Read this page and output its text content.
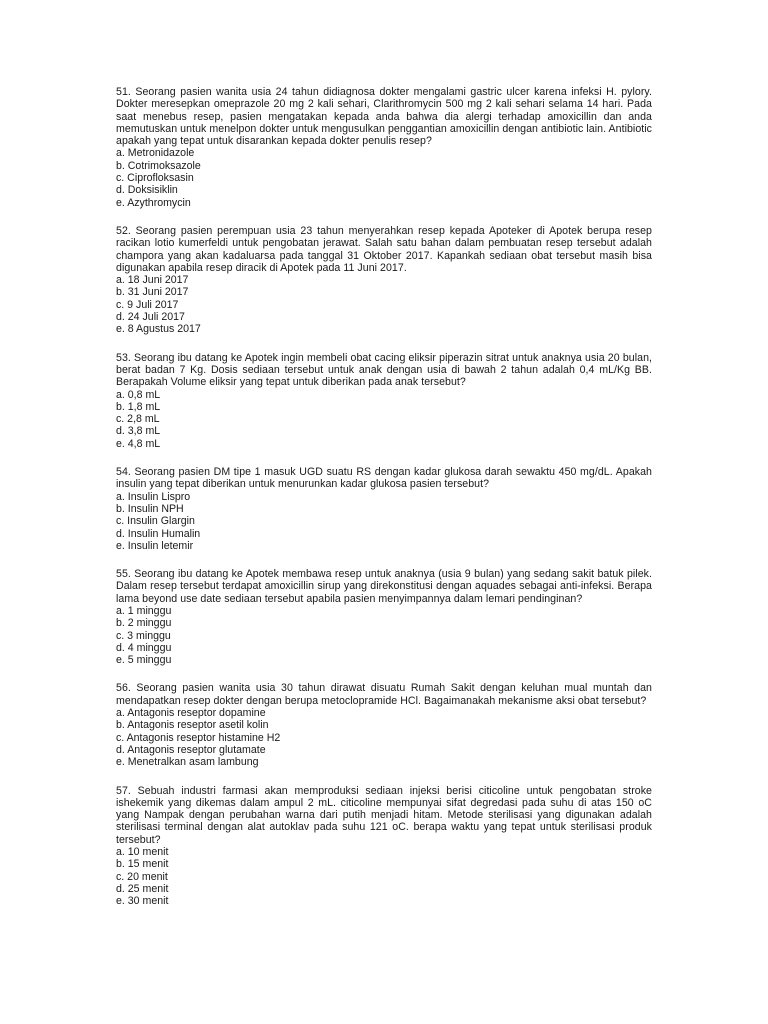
51. Seorang pasien wanita usia 24 tahun didiagnosa dokter mengalami gastric ulcer karena infeksi H. pylory. Dokter meresepkan omeprazole 20 mg 2 kali sehari, Clarithromycin 500 mg 2 kali sehari selama 14 hari. Pada saat menebus resep, pasien mengatakan kepada anda bahwa dia alergi terhadap amoxicillin dan anda memutuskan untuk menelpon dokter untuk mengusulkan penggantian amoxicillin dengan antibiotic lain. Antibiotic apakah yang tepat untuk disarankan kepada dokter penulis resep?

a. Metronidazole
b. Cotrimoksazole
c. Ciprofloksasin
d. Doksisiklin
e. Azythromycin

52. Seorang pasien perempuan usia 23 tahun menyerahkan resep kepada Apoteker di Apotek berupa resep racikan lotio kumerfeldi untuk pengobatan jerawat. Salah satu bahan dalam pembuatan resep tersebut adalah champora yang akan kadaluarsa pada tanggal 31 Oktober 2017. Kapankah sediaan obat tersebut masih bisa digunakan apabila resep diracik di Apotek pada 11 Juni 2017.

a. 18 Juni 2017
b. 31 Juni 2017
c. 9 Juli 2017
d. 24 Juli 2017
e. 8 Agustus 2017

53. Seorang ibu datang ke Apotek ingin membeli obat cacing eliksir piperazin sitrat untuk anaknya usia 20 bulan, berat badan 7 Kg. Dosis sediaan tersebut untuk anak dengan usia di bawah 2 tahun adalah 0,4 mL/Kg BB. Berapakah Volume eliksir yang tepat untuk diberikan pada anak tersebut?

a. 0,8 mL
b. 1,8 mL
c. 2,8 mL
d. 3,8 mL
e. 4,8 mL

54. Seorang pasien DM tipe 1 masuk UGD suatu RS dengan kadar glukosa darah sewaktu 450 mg/dL. Apakah insulin yang tepat diberikan untuk menurunkan kadar glukosa pasien tersebut?

a. Insulin Lispro
b. Insulin NPH
c. Insulin Glargin
d. Insulin Humalin
e. Insulin letemir

55. Seorang ibu datang ke Apotek membawa resep untuk anaknya (usia 9 bulan) yang sedang sakit batuk pilek. Dalam resep tersebut terdapat amoxicillin sirup yang direkonstitusi dengan aquades sebagai anti-infeksi. Berapa lama beyond use date sediaan tersebut apabila pasien menyimpannya dalam lemari pendinginan?

a. 1 minggu
b. 2 minggu
c. 3 minggu
d. 4 minggu
e. 5 minggu

56. Seorang pasien wanita usia 30 tahun dirawat disuatu Rumah Sakit dengan keluhan mual muntah dan mendapatkan resep dokter dengan berupa metoclopramide HCl. Bagaimanakah mekanisme aksi obat tersebut?

a. Antagonis reseptor dopamine
b. Antagonis reseptor asetil kolin
c. Antagonis reseptor histamine H2
d. Antagonis reseptor glutamate
e. Menetralkan asam lambung

57. Sebuah industri farmasi akan memproduksi sediaan injeksi berisi citicoline untuk pengobatan stroke ishekemik yang dikemas dalam ampul 2 mL. citicoline mempunyai sifat degredasi pada suhu di atas 150 oC yang Nampak dengan perubahan warna dari putih menjadi hitam. Metode sterilisasi yang digunakan adalah sterilisasi terminal dengan alat autoklav pada suhu 121 oC. berapa waktu yang tepat untuk sterilisasi produk tersebut?

a. 10 menit
b. 15 menit
c. 20 menit
d. 25 menit
e. 30 menit
